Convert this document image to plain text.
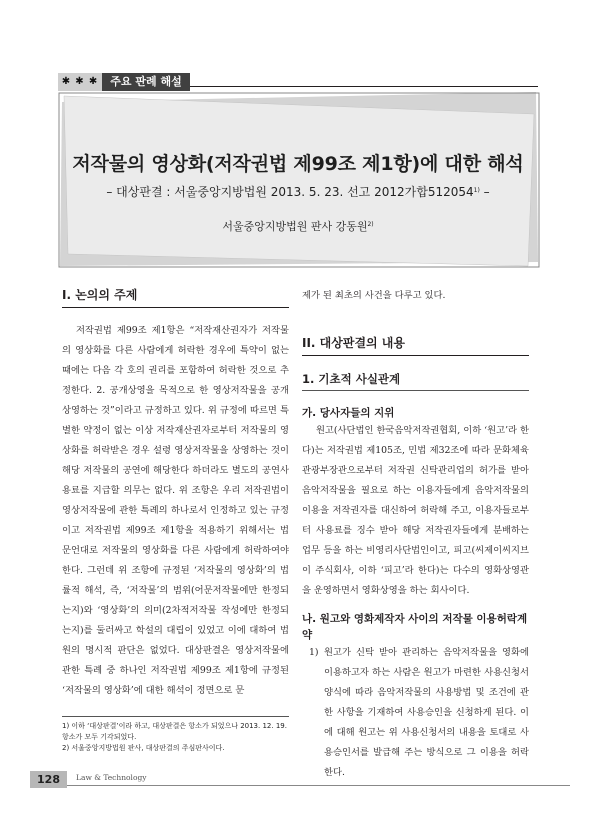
✱ ✱ ✱	주요 판례 해설
저작물의 영상화(저작권법 제99조 제1항)에 대한 해석
– 대상판결 : 서울중앙지방법원 2013. 5. 23. 선고 2012가합512054$^{1)}$ –
서울중앙지방법원 판사 강동원$^{2)}$
I. 논의의 주제

저작권법 제99조 제1항은 “저작재산권자가 저작물의 영상화를 다른 사람에게 허락한 경우에 특약이 없는 때에는 다음 각 호의 권리를 포함하여 허락한 것으로 추정한다. 2. 공개상영을 목적으로 한 영상저작물을 공개상영하는 것”이라고 규정하고 있다. 위 규정에 따르면 특별한 약정이 없는 이상 저작재산권자로부터 저작물의 영상화를 허락받은 경우 설령 영상저작물을 상영하는 것이 해당 저작물의 공연에 해당한다 하더라도 별도의 공연사용료를 지급할 의무는 없다. 위 조항은 우리 저작권법이 영상저작물에 관한 특례의 하나로서 인정하고 있는 규정이고 저작권법 제99조 제1항을 적용하기 위해서는 법 문언대로 저작물의 영상화를 다른 사람에게 허락하여야 한다. 그런데 위 조항에 규정된 ‘저작물의 영상화’의 법률적 해석, 즉, ‘저작물’의 범위(어문저작물에만 한정되는지)와 ‘영상화’의 의미(2차적저작물 작성에만 한정되는지)를 둘러싸고 학설의 대립이 있었고 이에 대하여 법원의 명시적 판단은 없었다. 대상판결은 영상저작물에 관한 특례 중 하나인 저작권법 제99조 제1항에 규정된 ‘저작물의 영상화’에 대한 해석이 정면으로 문

제가 된 최초의 사건을 다루고 있다.

II. 대상판결의 내용
1. 기초적 사실관계
가. 당사자들의 지위

원고(사단법인 한국음악저작권협회, 이하 ‘원고’라 한다)는 저작권법 제105조, 민법 제32조에 따라 문화체육관광부장관으로부터 저작권 신탁관리업의 허가를 받아 음악저작물을 필요로 하는 이용자들에게 음악저작물의 이용을 저작권자를 대신하여 허락해 주고, 이용자들로부터 사용료를 징수 받아 해당 저작권자들에게 분배하는 업무 등을 하는 비영리사단법인이고, 피고(씨제이씨지브이 주식회사, 이하 ‘피고’라 한다)는 다수의 영화상영관을 운영하면서 영화상영을 하는 회사이다.

나. 원고와 영화제작자 사이의 저작물 이용허락계약
1) 원고가 신탁 받아 관리하는 음악저작물을 영화에 이용하고자 하는 사람은 원고가 마련한 사용신청서 양식에 따라 음악저작물의 사용방법 및 조건에 관한 사항을 기재하여 사용승인을 신청하게 된다. 이에 대해 원고는 위 사용신청서의 내용을 토대로 사용승인서를 발급해 주는 방식으로 그 이용을 허락한다.

1) 이하 ‘대상판결’이라 하고, 대상판결은 항소가 되었으나 2013. 12. 19. 항소가 모두 기각되었다.

2) 서울중앙지방법원 판사, 대상판결의 주심판사이다.

128	Law & Technology
